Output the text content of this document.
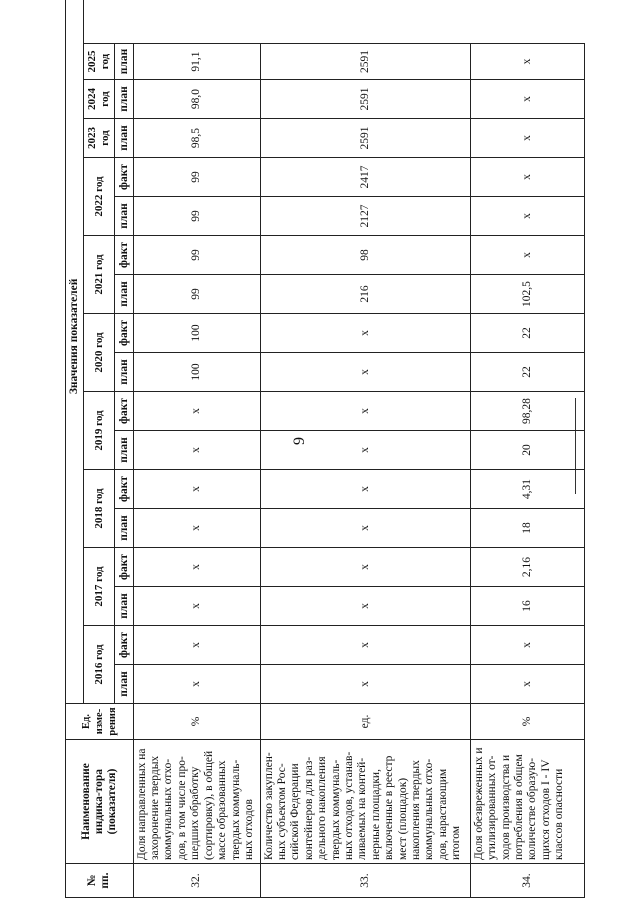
9
№ пп.	Наименование индика-тора (показателя)	Ед. изме-рения	Значения показателей																
			2016 год		2017 год		2018 год		2019 год		2020 год		2021 год		2022 год		2023 год	2024 год	2025 год
			план	факт	план	факт	план	факт	план	факт	план	факт	план	факт	план	факт	план	план	план
32.	Доля направленных на захоронение твердых коммунальных отхо-дов, в том числе про-шедших обработку (сортировку), в общей массе образованных твердых коммуналь-ных отходов	%	x	x	x	x	x	x	x	x	100	100	99	99	99	99	98,5	98,0	91,1
33.	Количество закуплен-ных субъектом Рос-сийской Федерации контейнеров для раз-дельного накопления твердых коммуналь-ных отходов, устанав-ливаемых на контей-нерные площадки, включенные в реестр мест (площадок) накопления твердых коммунальных отхо-дов, нарастающим итогом	ед.	x	x	x	x	x	x	x	x	x	x	216	98	2127	2417	2591	2591	2591
34.	Доля обезвреженных и утилизированных от-ходов производства и потребления в общем количестве образую-щихся отходов I - IV классов опасности	%	x	x	16	2,16	18	4,31	20	98,28	22	22	102,5	x	x	x	x	x	x
